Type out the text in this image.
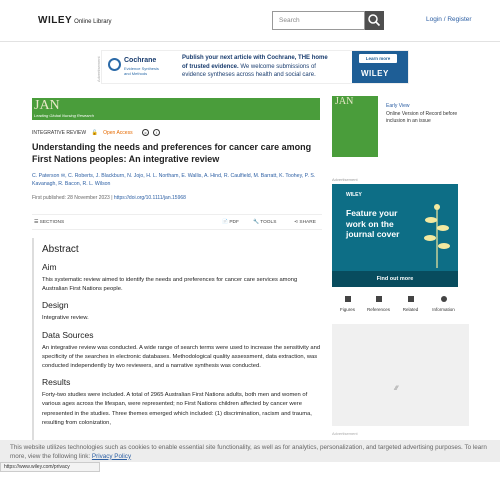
WILEY Online Library	Search	Login / Register
Advertisement	Cochrane
Evidence Synthesis
and Methods
Publish your next article with Cochrane, THE home
of trusted evidence. We welcome submissions of
evidence syntheses across health and social care.
Learn more
WILEY
JAN
Leading Global Nursing Research
INTEGRATIVE REVIEW 🔓 Open Access	c i
Understanding the needs and preferences for cancer care among First Nations peoples: An integrative review
C. Paterson ✉, C. Roberts, J. Blackburn, N. Jojo, H. L. Northam, E. Wallis, A. Hind, R. Caulfield, M. Barratt, K. Toohey, P. S. Kavanagh, R. Bacon, R. L. Wilson
First published: 28 November 2023 | https://doi.org/10.1111/jan.15968
☰ SECTIONS	📄 PDF	🔧 TOOLS	⋖ SHARE
Abstract
Aim

This systematic review aimed to identify the needs and preferences for cancer care services among Australian First Nations people.

Design

Integrative review.

Data Sources

An integrative review was conducted. A wide range of search terms were used to increase the sensitivity and specificity of the searches in electronic databases. Methodological quality assessment, data extraction, was conducted independently by two reviewers, and a narrative synthesis was conducted.

Results

Forty-two studies were included. A total of 2965 Australian First Nations adults, both men and women of various ages across the lifespan, were represented; no First Nations children affected by cancer were represented in the studies. Three themes emerged which included: (1) discrimination, racism and trauma, resulting from colonization,

JAN	Early View
Online Version of Record before inclusion in an issue
Advertisement
WILEY
Feature your work on the journal cover
Find out more
Figures	References	Related	Information
⁄⁄⁄
Advertisement
This website utilizes technologies such as cookies to enable essential site functionality, as well as for analytics, personalization, and targeted advertising purposes. To learn more, view the following link: Privacy Policy
https://www.wiley.com/privacy
